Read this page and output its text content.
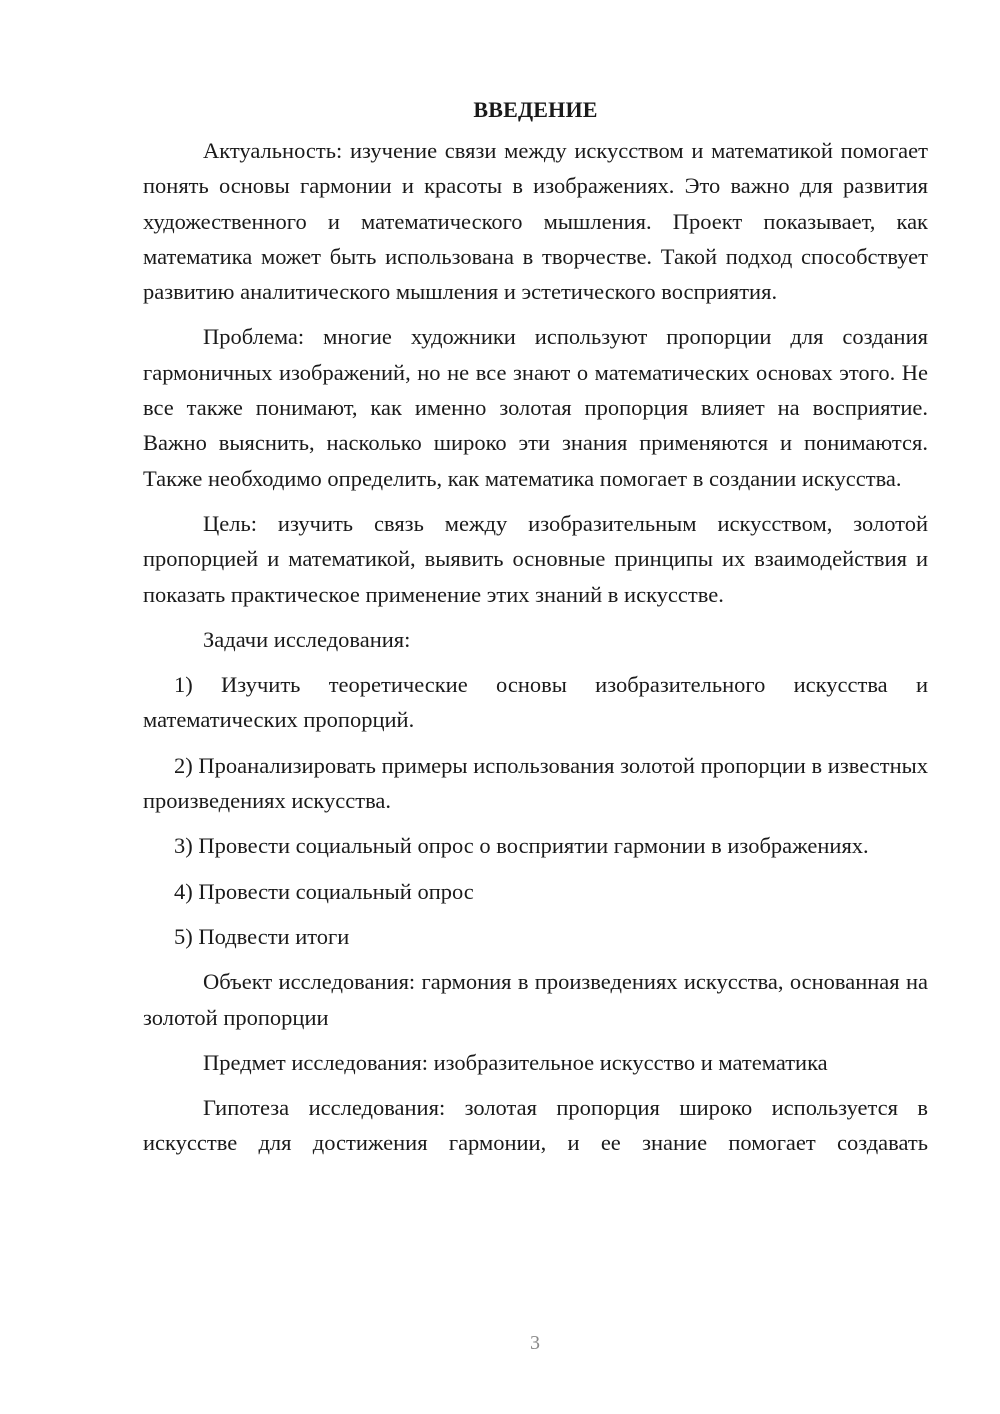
ВВЕДЕНИЕ

Актуальность: изучение связи между искусством и математикой помогает понять основы гармонии и красоты в изображениях. Это важно для развития художественного и математического мышления. Проект показывает, как математика может быть использована в творчестве. Такой подход способствует развитию аналитического мышления и эстетического восприятия.

Проблема: многие художники используют пропорции для создания гармоничных изображений, но не все знают о математических основах этого. Не все также понимают, как именно золотая пропорция влияет на восприятие. Важно выяснить, насколько широко эти знания применяются и понимаются. Также необходимо определить, как математика помогает в создании искусства.

Цель: изучить связь между изобразительным искусством, золотой пропорцией и математикой, выявить основные принципы их взаимодействия и показать практическое применение этих знаний в искусстве.

Задачи исследования:

1) Изучить теоретические основы изобразительного искусства и математических пропорций.

2) Проанализировать примеры использования золотой пропорции в известных произведениях искусства.

3) Провести социальный опрос о восприятии гармонии в изображениях.

4) Провести социальный опрос

5) Подвести итоги

Объект исследования: гармония в произведениях искусства, основанная на золотой пропорции

Предмет исследования: изобразительное искусство и математика

Гипотеза исследования: золотая пропорция широко используется в искусстве для достижения гармонии, и ее знание помогает создавать

3
